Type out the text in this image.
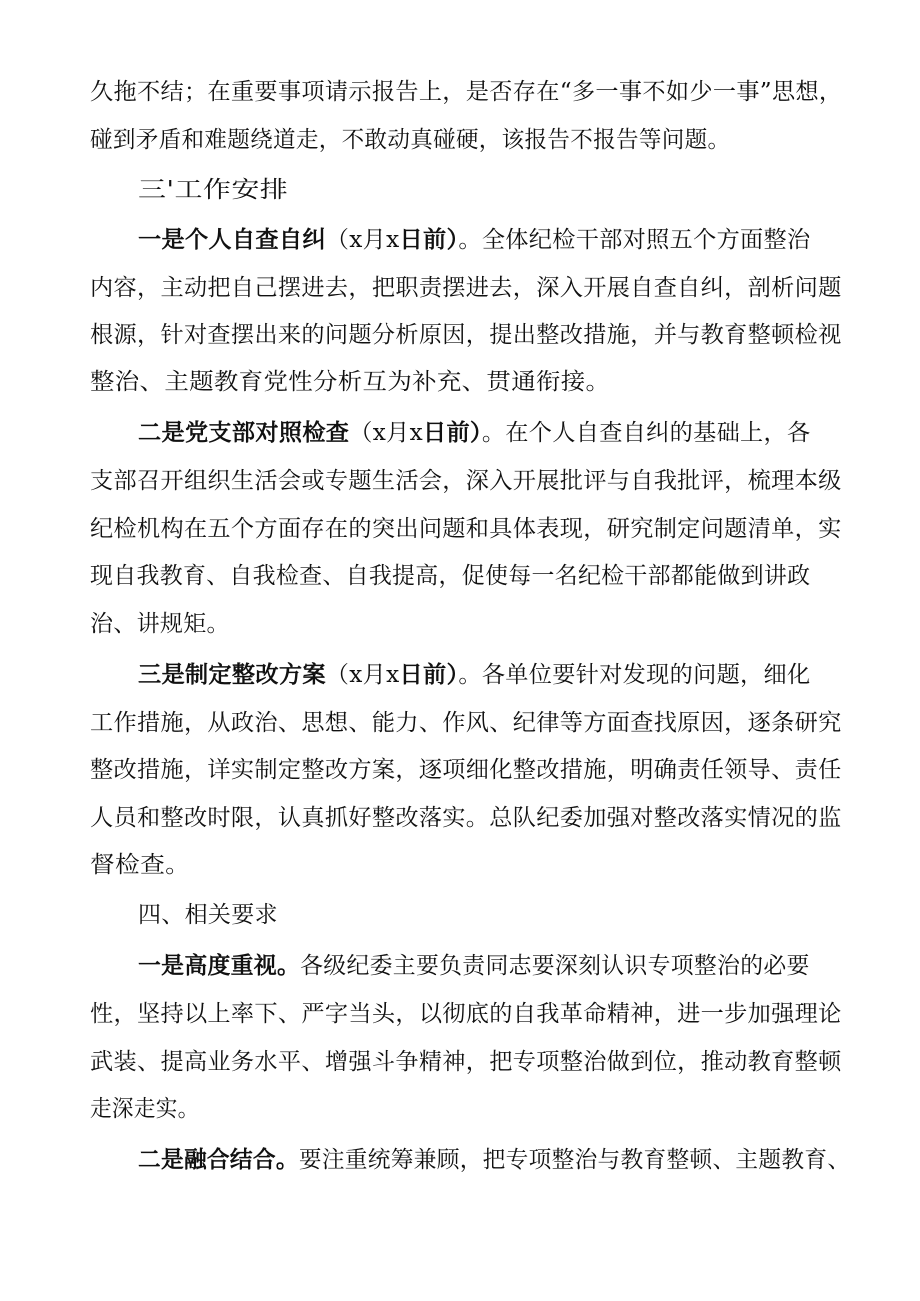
久拖不结；在重要事项请示报告上，是否存在“多一事不如少一事”思想，
碰到矛盾和难题绕道走，不敢动真碰硬，该报告不报告等问题。
三'工作安排
一是个人自查自纠（x月x日前）。全体纪检干部对照五个方面整治
内容，主动把自己摆进去，把职责摆进去，深入开展自查自纠，剖析问题
根源，针对查摆出来的问题分析原因，提出整改措施，并与教育整顿检视
整治、主题教育党性分析互为补充、贯通衔接。
二是党支部对照检查（x月x日前）。在个人自查自纠的基础上，各
支部召开组织生活会或专题生活会，深入开展批评与自我批评，梳理本级
纪检机构在五个方面存在的突出问题和具体表现，研究制定问题清单，实
现自我教育、自我检查、自我提高，促使每一名纪检干部都能做到讲政
治、讲规矩。
三是制定整改方案（x月x日前）。各单位要针对发现的问题，细化
工作措施，从政治、思想、能力、作风、纪律等方面查找原因，逐条研究
整改措施，详实制定整改方案，逐项细化整改措施，明确责任领导、责任
人员和整改时限，认真抓好整改落实。总队纪委加强对整改落实情况的监
督检查。
四、相关要求
一是高度重视。各级纪委主要负责同志要深刻认识专项整治的必要
性，坚持以上率下、严字当头，以彻底的自我革命精神，进一步加强理论
武装、提高业务水平、增强斗争精神，把专项整治做到位，推动教育整顿
走深走实。
二是融合结合。要注重统筹兼顾，把专项整治与教育整顿、主题教育、
